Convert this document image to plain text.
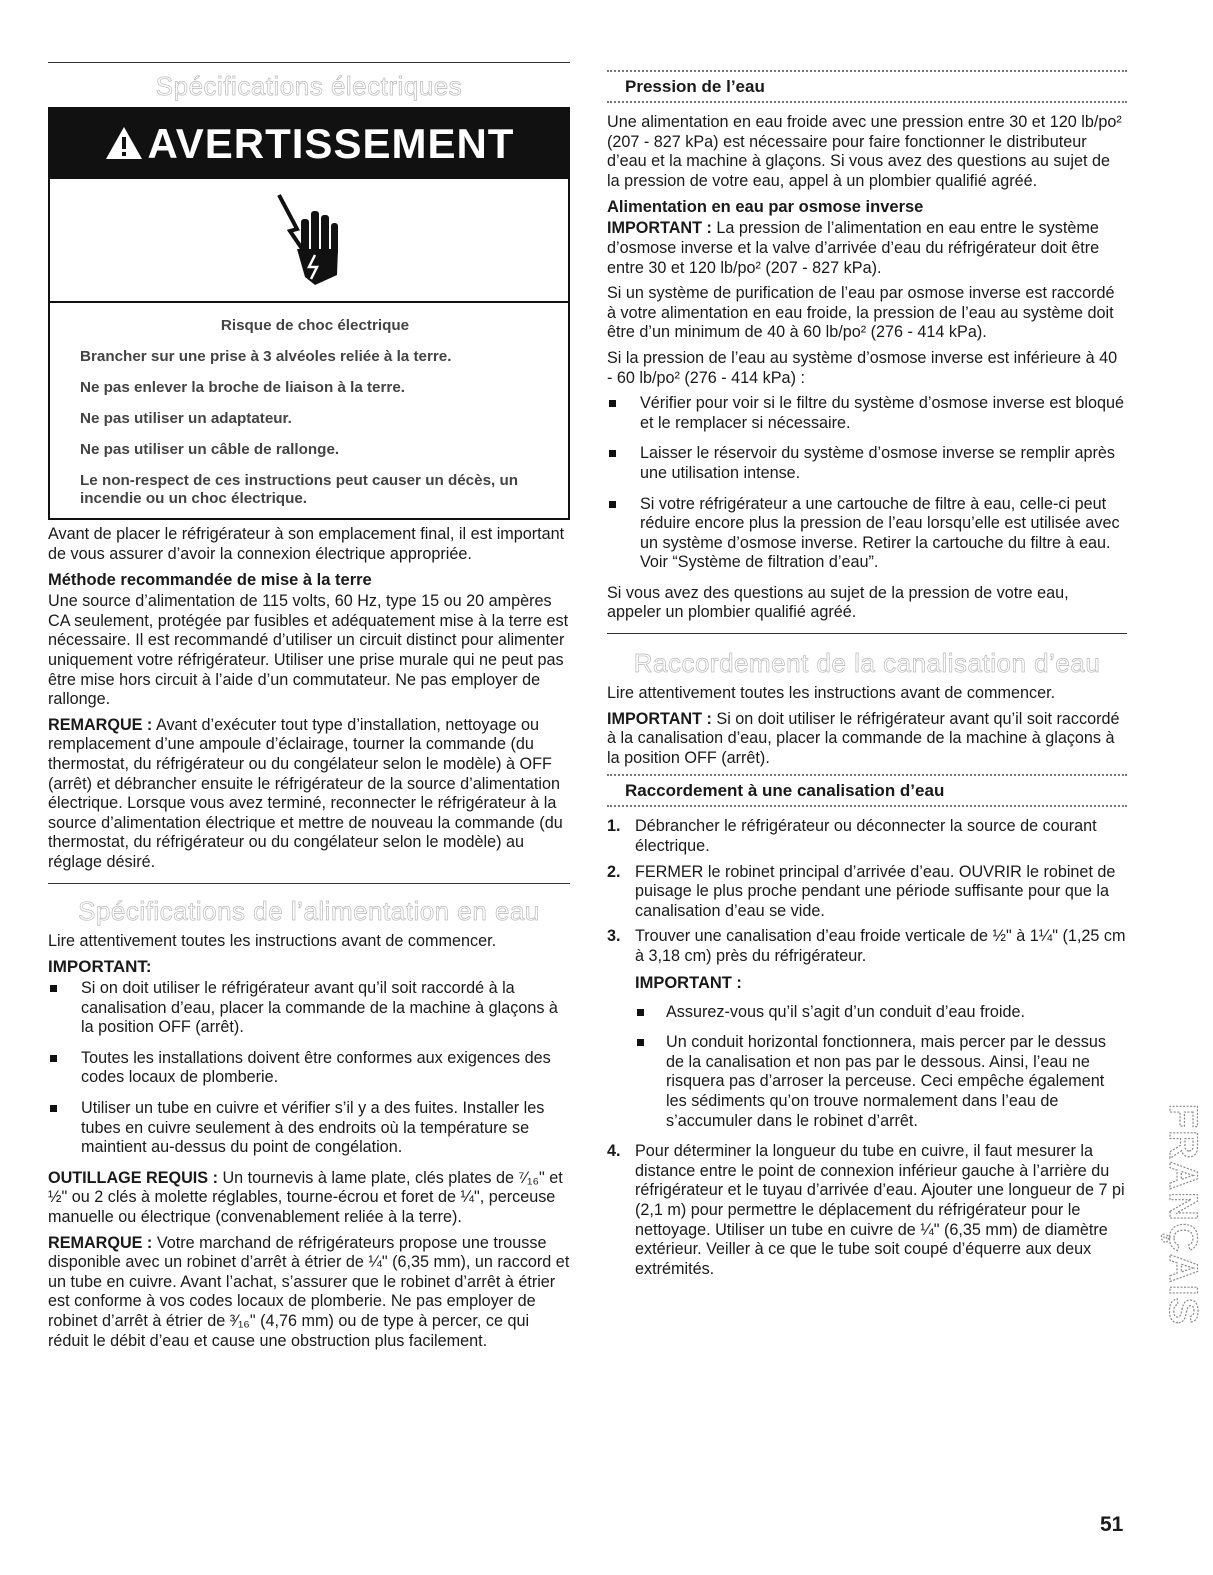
Spécifications électriques
AVERTISSEMENT

Risque de choc électrique

Brancher sur une prise à 3 alvéoles reliée à la terre.

Ne pas enlever la broche de liaison à la terre.

Ne pas utiliser un adaptateur.

Ne pas utiliser un câble de rallonge.

Le non-respect de ces instructions peut causer un décès, un incendie ou un choc électrique.

Avant de placer le réfrigérateur à son emplacement final, il est important de vous assurer d’avoir la connexion électrique appropriée.

Méthode recommandée de mise à la terre

Une source d’alimentation de 115 volts, 60 Hz, type 15 ou 20 ampères CA seulement, protégée par fusibles et adéquatement mise à la terre est nécessaire. Il est recommandé d’utiliser un circuit distinct pour alimenter uniquement votre réfrigérateur. Utiliser une prise murale qui ne peut pas être mise hors circuit à l’aide d’un commutateur. Ne pas employer de rallonge.

REMARQUE : Avant d’exécuter tout type d’installation, nettoyage ou remplacement d’une ampoule d’éclairage, tourner la commande (du thermostat, du réfrigérateur ou du congélateur selon le modèle) à OFF (arrêt) et débrancher ensuite le réfrigérateur de la source d’alimentation électrique. Lorsque vous avez terminé, reconnecter le réfrigérateur à la source d’alimentation électrique et mettre de nouveau la commande (du thermostat, du réfrigérateur ou du congélateur selon le modèle) au réglage désiré.

Spécifications de l’alimentation en eau

Lire attentivement toutes les instructions avant de commencer.

IMPORTANT:
Si on doit utiliser le réfrigérateur avant qu’il soit raccordé à la canalisation d’eau, placer la commande de la machine à glaçons à la position OFF (arrêt).
Toutes les installations doivent être conformes aux exigences des codes locaux de plomberie.
Utiliser un tube en cuivre et vérifier s’il y a des fuites. Installer les tubes en cuivre seulement à des endroits où la température se maintient au-dessus du point de congélation.

OUTILLAGE REQUIS : Un tournevis à lame plate, clés plates de ⁷⁄₁₆" et ½" ou 2 clés à molette réglables, tourne-écrou et foret de ¼", perceuse manuelle ou électrique (convenablement reliée à la terre).

REMARQUE : Votre marchand de réfrigérateurs propose une trousse disponible avec un robinet d’arrêt à étrier de ¼" (6,35 mm), un raccord et un tube en cuivre. Avant l’achat, s’assurer que le robinet d’arrêt à étrier est conforme à vos codes locaux de plomberie. Ne pas employer de robinet d’arrêt à étrier de ³⁄₁₆" (4,76 mm) ou de type à percer, ce qui réduit le débit d’eau et cause une obstruction plus facilement.

Pression de l’eau

Une alimentation en eau froide avec une pression entre 30 et 120 lb/po² (207 - 827 kPa) est nécessaire pour faire fonctionner le distributeur d’eau et la machine à glaçons. Si vous avez des questions au sujet de la pression de votre eau, appel à un plombier qualifié agréé.

Alimentation en eau par osmose inverse

IMPORTANT : La pression de l’alimentation en eau entre le système d’osmose inverse et la valve d’arrivée d’eau du réfrigérateur doit être entre 30 et 120 lb/po² (207 - 827 kPa).

Si un système de purification de l’eau par osmose inverse est raccordé à votre alimentation en eau froide, la pression de l’eau au système doit être d’un minimum de 40 à 60 lb/po² (276 - 414 kPa).

Si la pression de l’eau au système d’osmose inverse est inférieure à 40 - 60 lb/po² (276 - 414 kPa) :

Vérifier pour voir si le filtre du système d’osmose inverse est bloqué et le remplacer si nécessaire.
Laisser le réservoir du système d’osmose inverse se remplir après une utilisation intense.
Si votre réfrigérateur a une cartouche de filtre à eau, celle-ci peut réduire encore plus la pression de l’eau lorsqu’elle est utilisée avec un système d’osmose inverse. Retirer la cartouche du filtre à eau. Voir “Système de filtration d’eau”.

Si vous avez des questions au sujet de la pression de votre eau, appeler un plombier qualifié agréé.

Raccordement de la canalisation d’eau

Lire attentivement toutes les instructions avant de commencer.

IMPORTANT : Si on doit utiliser le réfrigérateur avant qu’il soit raccordé à la canalisation d’eau, placer la commande de la machine à glaçons à la position OFF (arrêt).

Raccordement à une canalisation d’eau
1. Débrancher le réfrigérateur ou déconnecter la source de courant électrique.
2. FERMER le robinet principal d’arrivée d’eau. OUVRIR le robinet de puisage le plus proche pendant une période suffisante pour que la canalisation d’eau se vide.
3. Trouver une canalisation d’eau froide verticale de ½" à 1¼" (1,25 cm à 3,18 cm) près du réfrigérateur.
IMPORTANT :
Assurez-vous qu’il s’agit d’un conduit d’eau froide.
Un conduit horizontal fonctionnera, mais percer par le dessus de la canalisation et non pas par le dessous. Ainsi, l’eau ne risquera pas d’arroser la perceuse. Ceci empêche également les sédiments qu’on trouve normalement dans l’eau de s’accumuler dans le robinet d’arrêt.
4. Pour déterminer la longueur du tube en cuivre, il faut mesurer la distance entre le point de connexion inférieur gauche à l’arrière du réfrigérateur et le tuyau d’arrivée d’eau. Ajouter une longueur de 7 pi (2,1 m) pour permettre le déplacement du réfrigérateur pour le nettoyage. Utiliser un tube en cuivre de ¼" (6,35 mm) de diamètre extérieur. Veiller à ce que le tube soit coupé d’équerre aux deux extrémités.	FRANÇAIS
51
